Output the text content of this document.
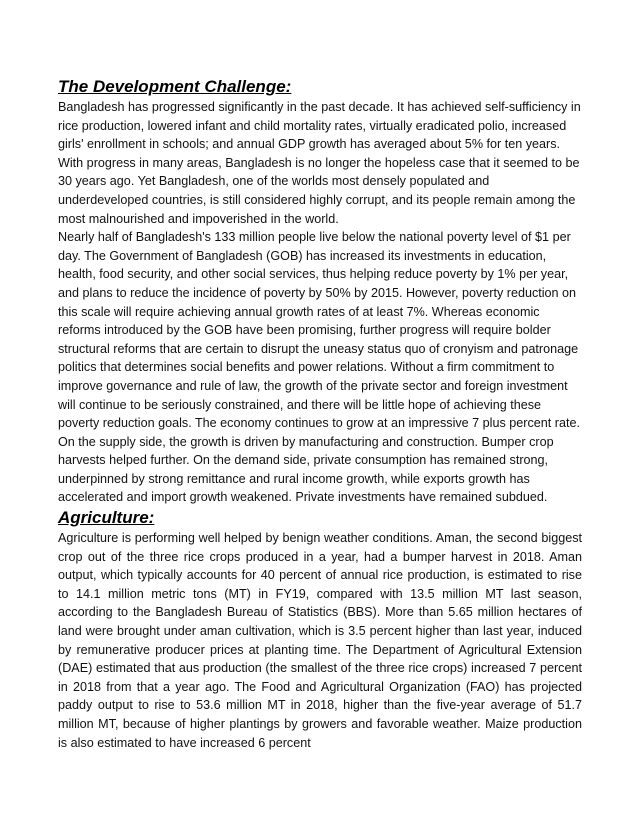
The Development Challenge:

Bangladesh has progressed significantly in the past decade. It has achieved self-sufficiency in rice production, lowered infant and child mortality rates, virtually eradicated polio, increased girls' enrollment in schools; and annual GDP growth has averaged about 5% for ten years. With progress in many areas, Bangladesh is no longer the hopeless case that it seemed to be 30 years ago. Yet Bangladesh, one of the worlds most densely populated and underdeveloped countries, is still considered highly corrupt, and its people remain among the most malnourished and impoverished in the world.

Nearly half of Bangladesh's 133 million people live below the national poverty level of $1 per day. The Government of Bangladesh (GOB) has increased its investments in education, health, food security, and other social services, thus helping reduce poverty by 1% per year, and plans to reduce the incidence of poverty by 50% by 2015. However, poverty reduction on this scale will require achieving annual growth rates of at least 7%. Whereas economic reforms introduced by the GOB have been promising, further progress will require bolder structural reforms that are certain to disrupt the uneasy status quo of cronyism and patronage politics that determines social benefits and power relations. Without a firm commitment to improve governance and rule of law, the growth of the private sector and foreign investment will continue to be seriously constrained, and there will be little hope of achieving these poverty reduction goals. The economy continues to grow at an impressive 7 plus percent rate. On the supply side, the growth is driven by manufacturing and construction. Bumper crop harvests helped further. On the demand side, private consumption has remained strong, underpinned by strong remittance and rural income growth, while exports growth has accelerated and import growth weakened. Private investments have remained subdued.

Agriculture:

Agriculture is performing well helped by benign weather conditions. Aman, the second biggest crop out of the three rice crops produced in a year, had a bumper harvest in 2018. Aman output, which typically accounts for 40 percent of annual rice production, is estimated to rise to 14.1 million metric tons (MT) in FY19, compared with 13.5 million MT last season, according to the Bangladesh Bureau of Statistics (BBS). More than 5.65 million hectares of land were brought under aman cultivation, which is 3.5 percent higher than last year, induced by remunerative producer prices at planting time. The Department of Agricultural Extension (DAE) estimated that aus production (the smallest of the three rice crops) increased 7 percent in 2018 from that a year ago. The Food and Agricultural Organization (FAO) has projected paddy output to rise to 53.6 million MT in 2018, higher than the five-year average of 51.7 million MT, because of higher plantings by growers and favorable weather. Maize production is also estimated to have increased 6 percent
